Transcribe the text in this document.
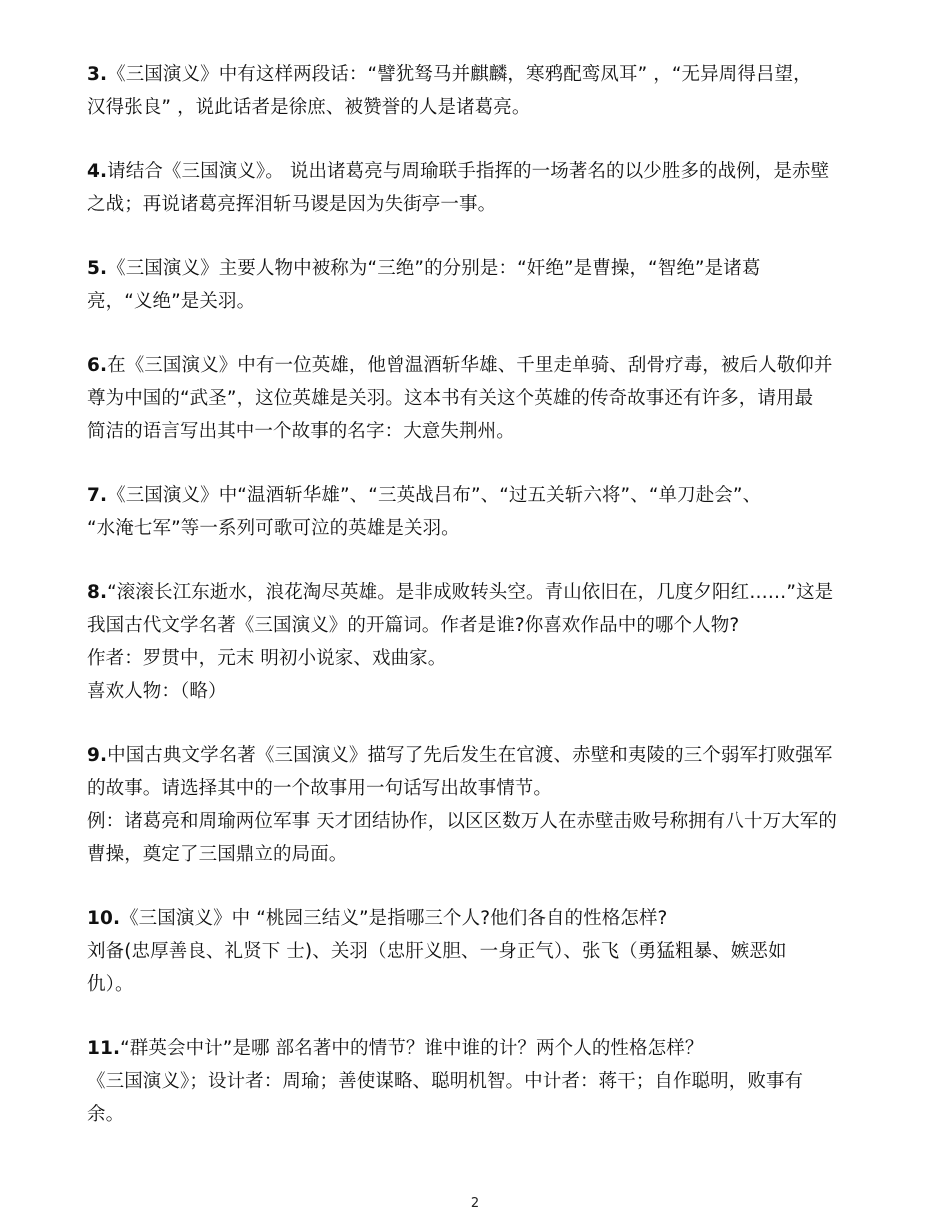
3.《三国演义》中有这样两段话：“譬犹驽马并麒麟，寒鸦配鸾凤耳” ，“无异周得吕望，
汉得张良” ，说此话者是徐庶、被赞誉的人是诸葛亮。
4.请结合《三国演义》。 说出诸葛亮与周瑜联手指挥的一场著名的以少胜多的战例，是赤壁
之战；再说诸葛亮挥泪斩马谡是因为失街亭一事。
5.《三国演义》主要人物中被称为“三绝”的分别是：“奸绝”是曹操，“智绝”是诸葛
亮，“义绝”是关羽。
6.在《三国演义》中有一位英雄，他曾温酒斩华雄、千里走单骑、刮骨疗毒，被后人敬仰并
尊为中国的“武圣”，这位英雄是关羽。这本书有关这个英雄的传奇故事还有许多，请用最
简洁的语言写出其中一个故事的名字：大意失荆州。
7.《三国演义》中“温酒斩华雄”、“三英战吕布”、“过五关斩六将”、“单刀赴会”、
“水淹七军”等一系列可歌可泣的英雄是关羽。
8.“滚滚长江东逝水，浪花淘尽英雄。是非成败转头空。青山依旧在，几度夕阳红……”这是
我国古代文学名著《三国演义》的开篇词。作者是谁?你喜欢作品中的哪个人物?
作者：罗贯中，元末 明初小说家、戏曲家。
喜欢人物：（略）
9.中国古典文学名著《三国演义》描写了先后发生在官渡、赤壁和夷陵的三个弱军打败强军
的故事。请选择其中的一个故事用一句话写出故事情节。
例：诸葛亮和周瑜两位军事 天才团结协作，以区区数万人在赤壁击败号称拥有八十万大军的
曹操，奠定了三国鼎立的局面。
10.《三国演义》中 “桃园三结义”是指哪三个人?他们各自的性格怎样?
刘备(忠厚善良、礼贤下 士)、关羽（忠肝义胆、一身正气）、张飞（勇猛粗暴、嫉恶如
仇）。
11.“群英会中计”是哪 部名著中的情节？谁中谁的计？两个人的性格怎样？
《三国演义》；设计者：周瑜；善使谋略、聪明机智。中计者：蒋干；自作聪明，败事有
余。
2
